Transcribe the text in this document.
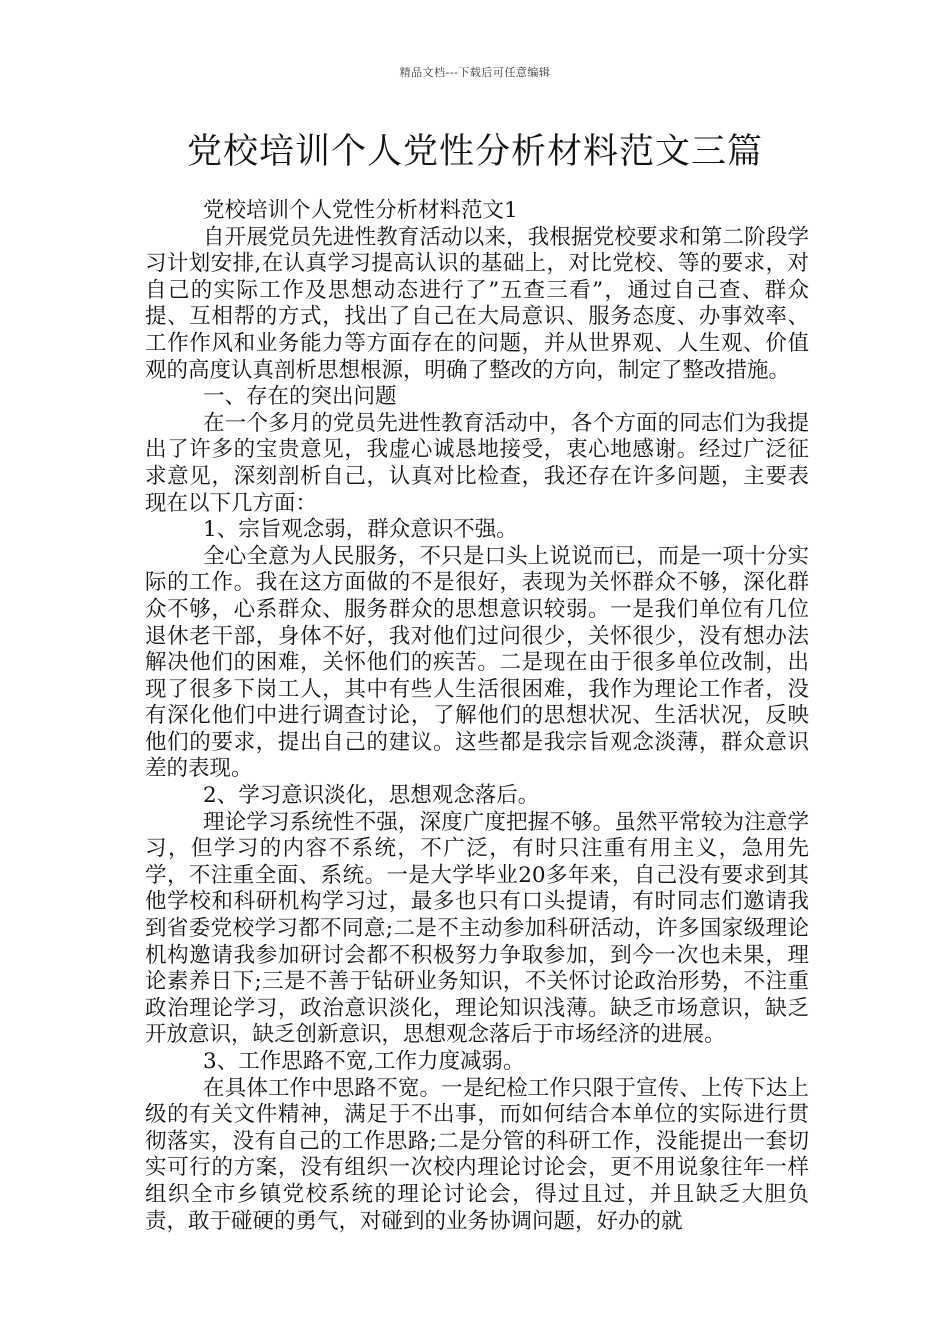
精品文档---下载后可任意编辑
党校培训个人党性分析材料范文三篇

党校培训个人党性分析材料范文1

自开展党员先进性教育活动以来，我根据党校要求和第二阶段学习计划安排,在认真学习提高认识的基础上，对比党校、等的要求，对自己的实际工作及思想动态进行了”五查三看”，通过自己查、群众提、互相帮的方式，找出了自己在大局意识、服务态度、办事效率、工作作风和业务能力等方面存在的问题，并从世界观、人生观、价值观的高度认真剖析思想根源，明确了整改的方向，制定了整改措施。

一、存在的突出问题

在一个多月的党员先进性教育活动中，各个方面的同志们为我提出了许多的宝贵意见，我虚心诚恳地接受，衷心地感谢。经过广泛征求意见，深刻剖析自己，认真对比检查，我还存在许多问题，主要表现在以下几方面：

1、宗旨观念弱，群众意识不强。

全心全意为人民服务，不只是口头上说说而已，而是一项十分实际的工作。我在这方面做的不是很好，表现为关怀群众不够，深化群众不够，心系群众、服务群众的思想意识较弱。一是我们单位有几位退休老干部，身体不好，我对他们过问很少，关怀很少，没有想办法解决他们的困难，关怀他们的疾苦。二是现在由于很多单位改制，出现了很多下岗工人，其中有些人生活很困难，我作为理论工作者，没有深化他们中进行调查讨论，了解他们的思想状况、生活状况，反映他们的要求，提出自己的建议。这些都是我宗旨观念淡薄，群众意识差的表现。

2、学习意识淡化，思想观念落后。

理论学习系统性不强，深度广度把握不够。虽然平常较为注意学习，但学习的内容不系统，不广泛，有时只注重有用主义，急用先学，不注重全面、系统。一是大学毕业20多年来，自己没有要求到其他学校和科研机构学习过，最多也只有口头提请，有时同志们邀请我到省委党校学习都不同意;二是不主动参加科研活动，许多国家级理论机构邀请我参加研讨会都不积极努力争取参加，到今一次也未果，理论素养日下;三是不善于钻研业务知识，不关怀讨论政治形势，不注重政治理论学习，政治意识淡化，理论知识浅薄。缺乏市场意识，缺乏开放意识，缺乏创新意识，思想观念落后于市场经济的进展。

3、工作思路不宽,工作力度减弱。

在具体工作中思路不宽。一是纪检工作只限于宣传、上传下达上级的有关文件精神，满足于不出事，而如何结合本单位的实际进行贯彻落实，没有自己的工作思路;二是分管的科研工作，没能提出一套切实可行的方案，没有组织一次校内理论讨论会，更不用说象往年一样组织全市乡镇党校系统的理论讨论会，得过且过，并且缺乏大胆负责，敢于碰硬的勇气，对碰到的业务协调问题，好办的就
